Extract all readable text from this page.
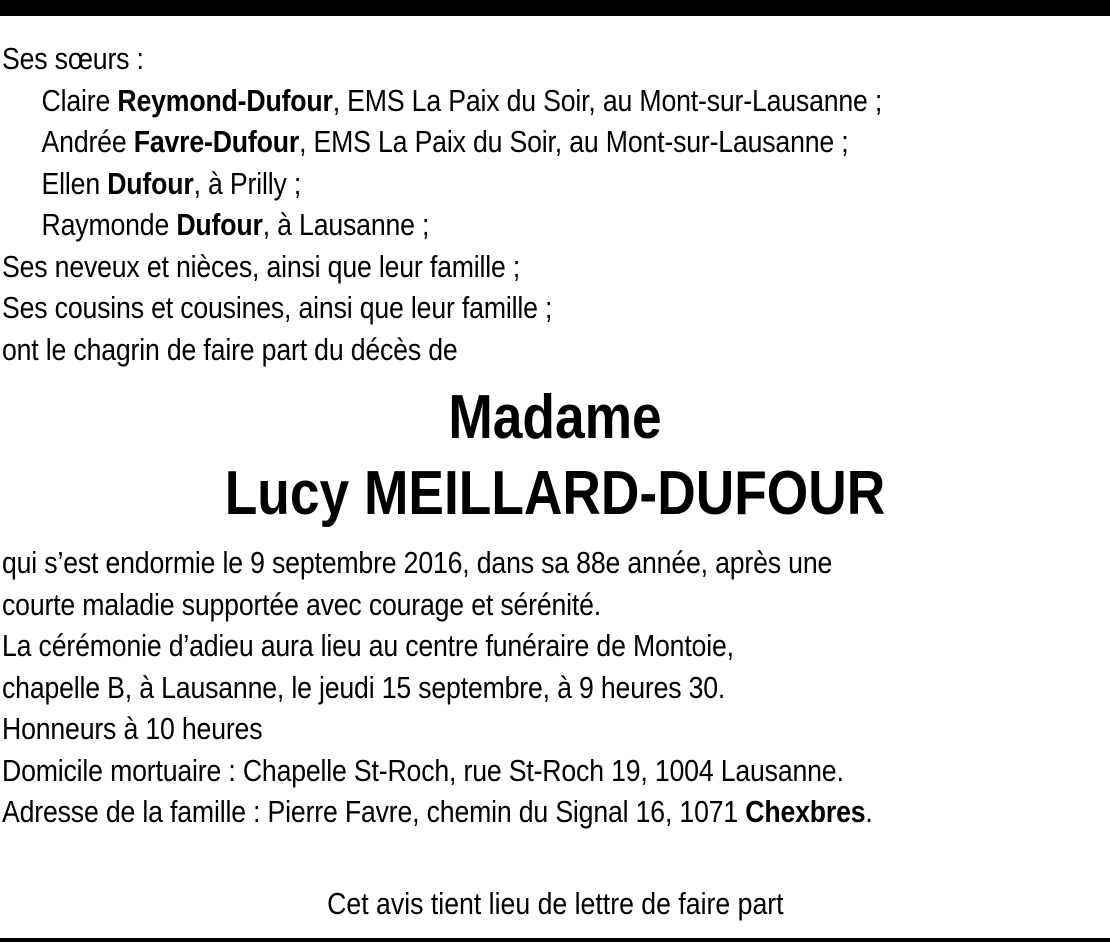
Ses sœurs :
Claire Reymond-Dufour, EMS La Paix du Soir, au Mont-sur-Lausanne ;
Andrée Favre-Dufour, EMS La Paix du Soir, au Mont-sur-Lausanne ;
Ellen Dufour, à Prilly ;
Raymonde Dufour, à Lausanne ;
Ses neveux et nièces, ainsi que leur famille ;
Ses cousins et cousines, ainsi que leur famille ;
ont le chagrin de faire part du décès de
Madame
Lucy MEILLARD-DUFOUR
qui s’est endormie le 9 septembre 2016, dans sa 88e année, après une
courte maladie supportée avec courage et sérénité.
La cérémonie d’adieu aura lieu au centre funéraire de Montoie,
chapelle B, à Lausanne, le jeudi 15 septembre, à 9 heures 30.
Honneurs à 10 heures
Domicile mortuaire : Chapelle St-Roch, rue St-Roch 19, 1004 Lausanne.
Adresse de la famille : Pierre Favre, chemin du Signal 16, 1071 Chexbres.
Cet avis tient lieu de lettre de faire part
